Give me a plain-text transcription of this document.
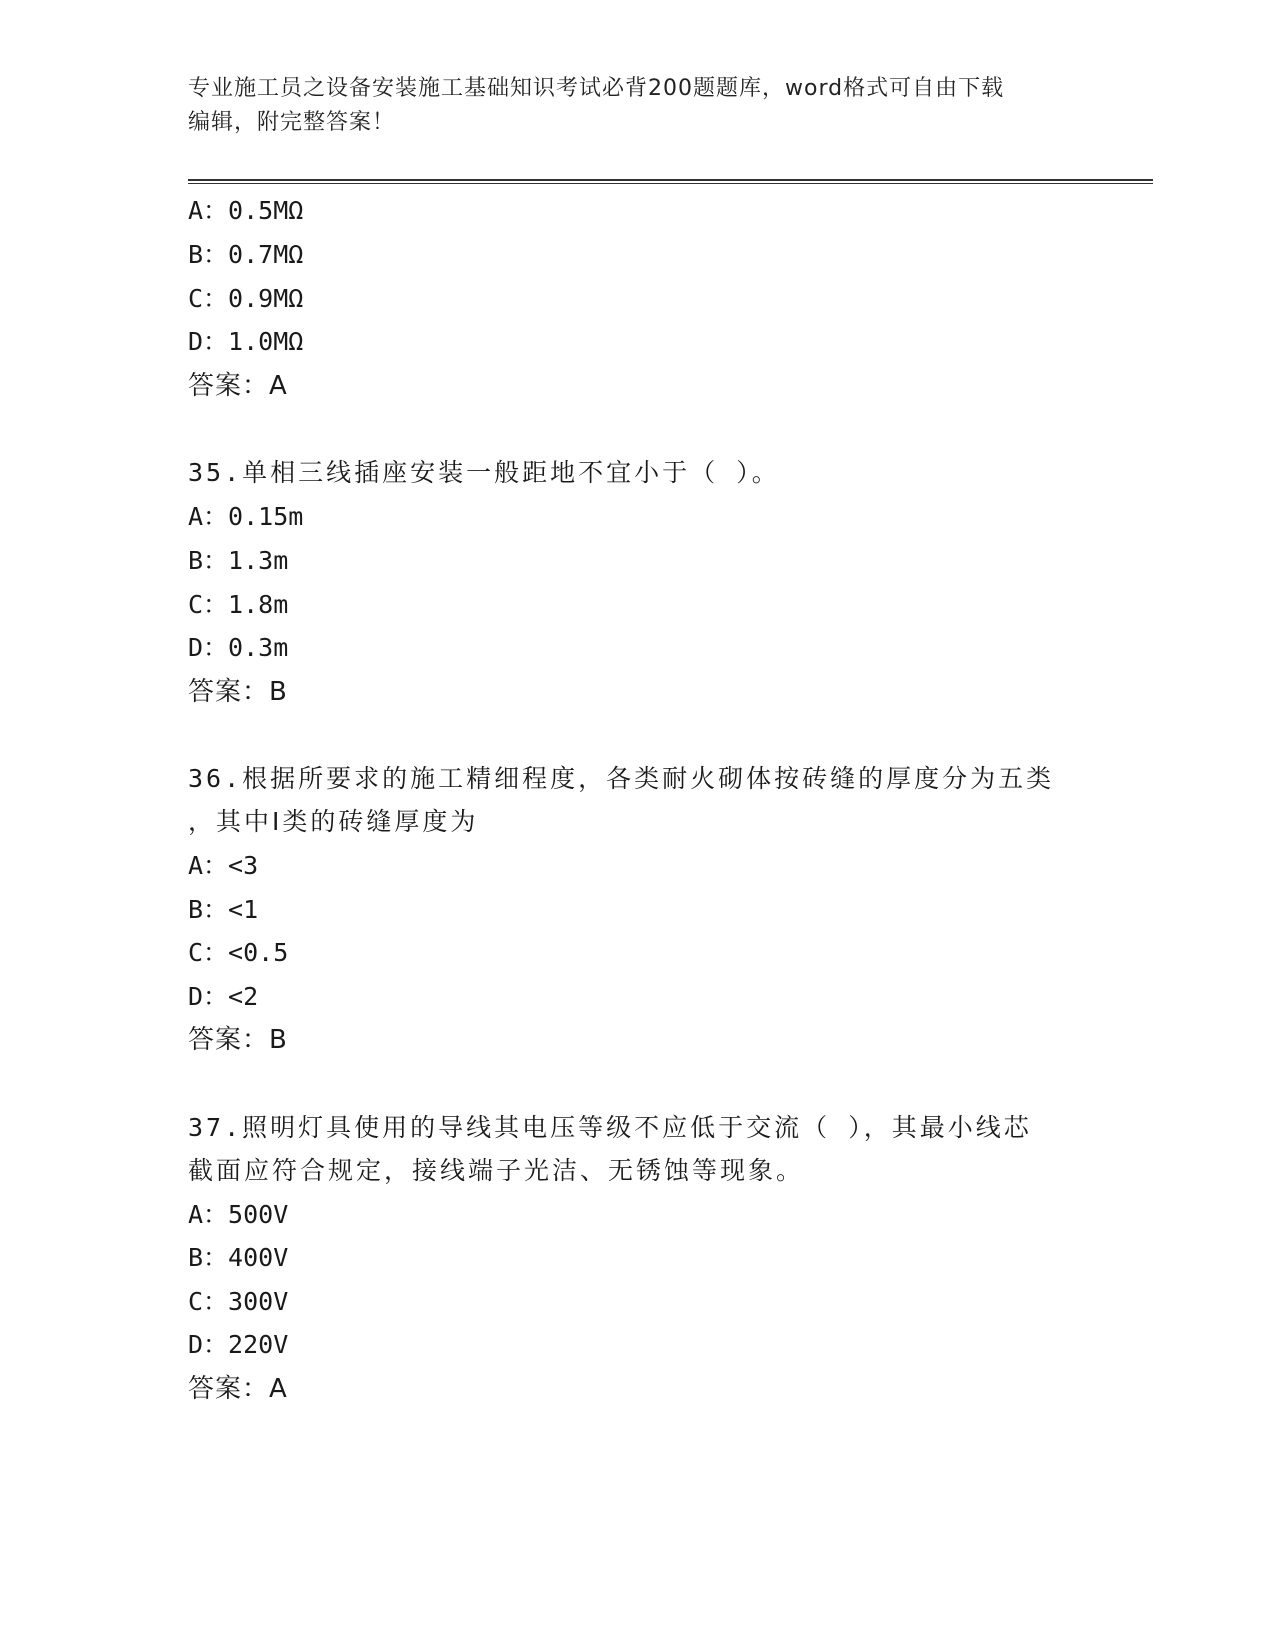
专业施工员之设备安装施工基础知识考试必背200题题库，word格式可自由下载
编辑，附完整答案！
A：0.5MΩ
B：0.7MΩ
C：0.9MΩ
D：1.0MΩ
答案：A
35.单相三线插座安装一般距地不宜小于（ ）。
A：0.15m
B：1.3m
C：1.8m
D：0.3m
答案：B
36.根据所要求的施工精细程度，各类耐火砌体按砖缝的厚度分为五类
，其中Ⅰ类的砖缝厚度为
A：<3
B：<1
C：<0.5
D：<2
答案：B
37.照明灯具使用的导线其电压等级不应低于交流（ ），其最小线芯
截面应符合规定，接线端子光洁、无锈蚀等现象。
A：500V
B：400V
C：300V
D：220V
答案：A
